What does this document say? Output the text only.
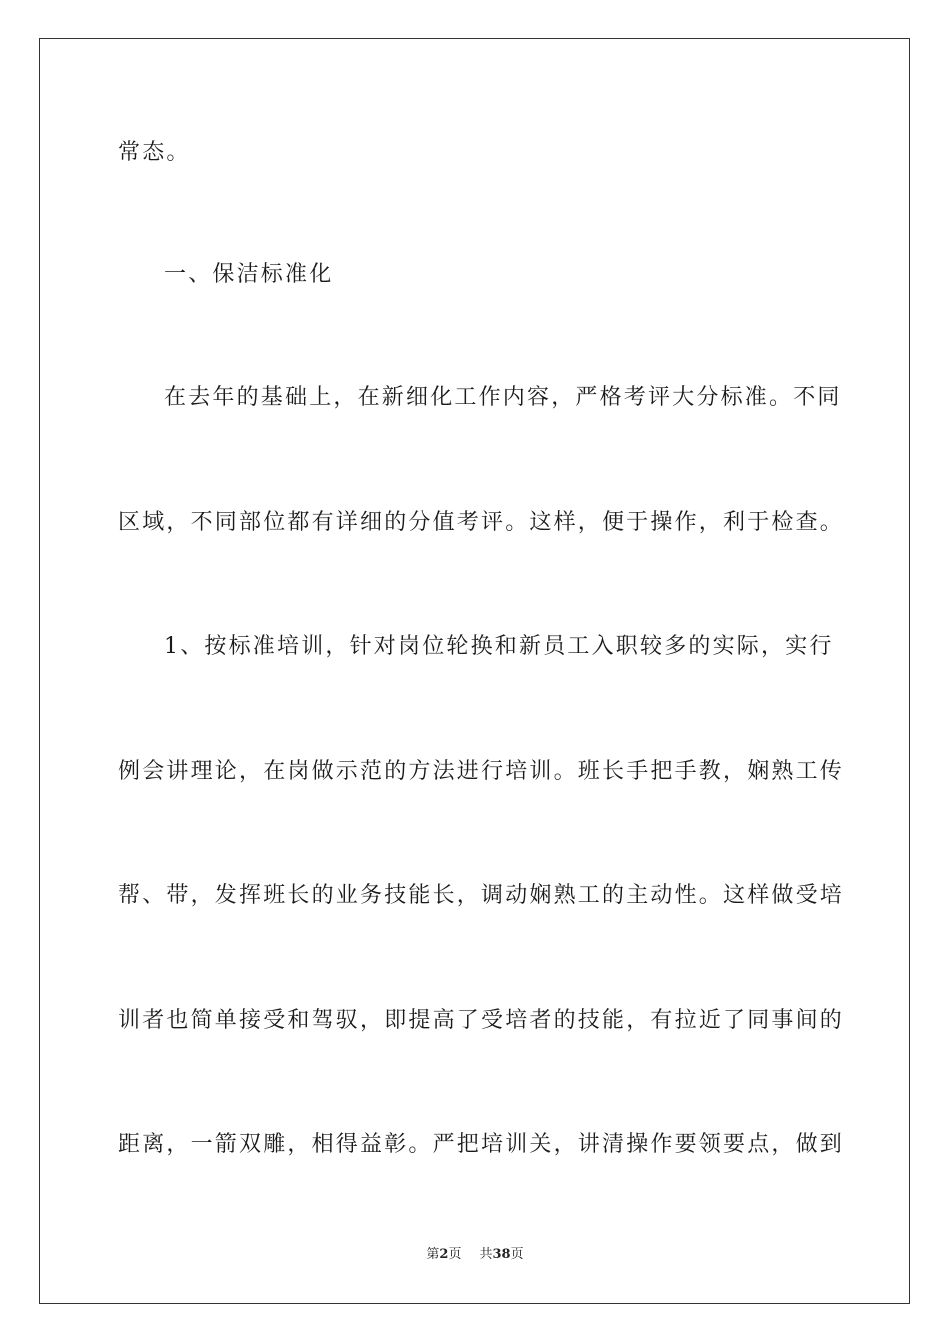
常态。
一、保洁标准化
在去年的基础上，在新细化工作内容，严格考评大分标准。不同
区域，不同部位都有详细的分值考评。这样，便于操作，利于检查。
1、按标准培训，针对岗位轮换和新员工入职较多的实际，实行
例会讲理论，在岗做示范的方法进行培训。班长手把手教，娴熟工传
帮、带，发挥班长的业务技能长，调动娴熟工的主动性。这样做受培
训者也简单接受和驾驭，即提高了受培者的技能，有拉近了同事间的
距离，一箭双雕，相得益彰。严把培训关，讲清操作要领要点，做到
第2页 共38页
